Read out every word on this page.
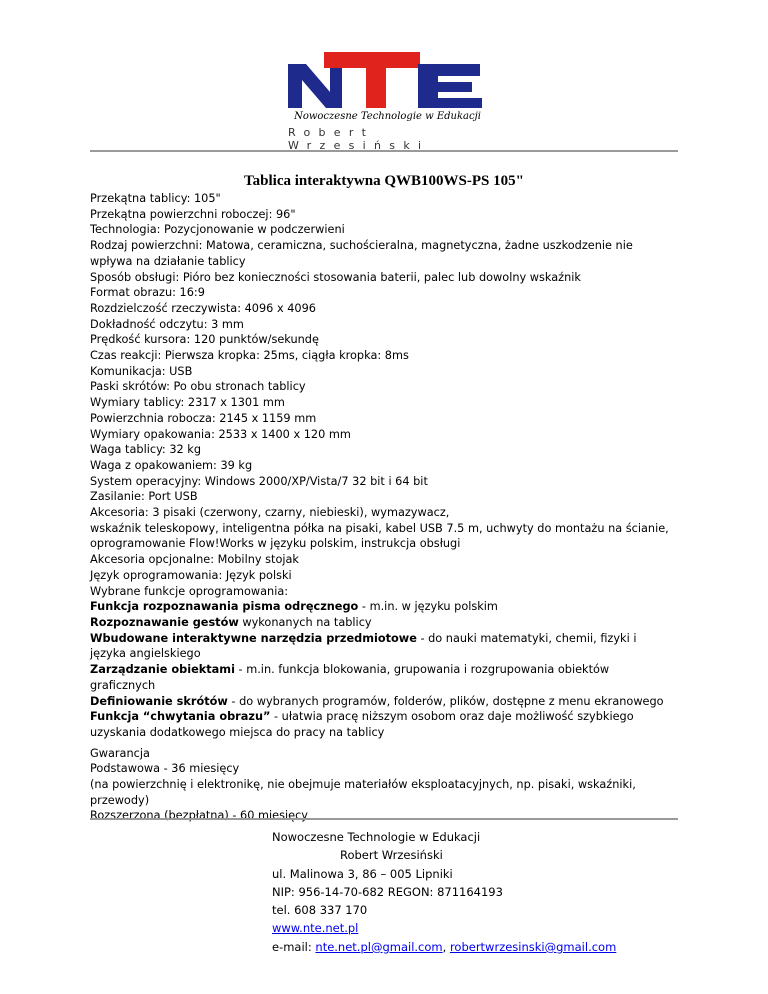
Nowoczesne Technologie w Edukacji
Robert Wrzesiński
Tablica interaktywna QWB100WS-PS 105"
Przekątna tablicy: 105"
Przekątna powierzchni roboczej: 96"
Technologia: Pozycjonowanie w podczerwieni
Rodzaj powierzchni: Matowa, ceramiczna, suchościeralna, magnetyczna, żadne uszkodzenie nie wpływa na działanie tablicy
Sposób obsługi: Pióro bez konieczności stosowania baterii, palec lub dowolny wskaźnik
Format obrazu: 16:9
Rozdzielczość rzeczywista: 4096 x 4096
Dokładność odczytu: 3 mm
Prędkość kursora: 120 punktów/sekundę
Czas reakcji: Pierwsza kropka: 25ms, ciągła kropka: 8ms
Komunikacja: USB
Paski skrótów: Po obu stronach tablicy
Wymiary tablicy: 2317 x 1301 mm
Powierzchnia robocza: 2145 x 1159 mm
Wymiary opakowania: 2533 x 1400 x 120 mm
Waga tablicy: 32 kg
Waga z opakowaniem: 39 kg
System operacyjny: Windows 2000/XP/Vista/7 32 bit i 64 bit
Zasilanie: Port USB
Akcesoria: 3 pisaki (czerwony, czarny, niebieski), wymazywacz,
wskaźnik teleskopowy, inteligentna półka na pisaki, kabel USB 7.5 m, uchwyty do montażu na ścianie, oprogramowanie Flow!Works w języku polskim, instrukcja obsługi
Akcesoria opcjonalne: Mobilny stojak
Język oprogramowania: Język polski
Wybrane funkcje oprogramowania:
Funkcja rozpoznawania pisma odręcznego - m.in. w języku polskim
Rozpoznawanie gestów wykonanych na tablicy
Wbudowane interaktywne narzędzia przedmiotowe - do nauki matematyki, chemii, fizyki i języka angielskiego
Zarządzanie obiektami - m.in. funkcja blokowania, grupowania i rozgrupowania obiektów graficznych
Definiowanie skrótów - do wybranych programów, folderów, plików, dostępne z menu ekranowego
Funkcja “chwytania obrazu” - ułatwia pracę niższym osobom oraz daje możliwość szybkiego uzyskania dodatkowego miejsca do pracy na tablicy
Gwarancja
Podstawowa - 36 miesięcy
(na powierzchnię i elektronikę, nie obejmuje materiałów eksploatacyjnych, np. pisaki, wskaźniki, przewody)
Rozszerzona (bezpłatna) - 60 miesięcy
Nowoczesne Technologie w Edukacji
Robert Wrzesiński
ul. Malinowa 3, 86 – 005 Lipniki
NIP: 956-14-70-682 REGON: 871164193
tel. 608 337 170
www.nte.net.pl
e-mail: nte.net.pl@gmail.com, robertwrzesinski@gmail.com
